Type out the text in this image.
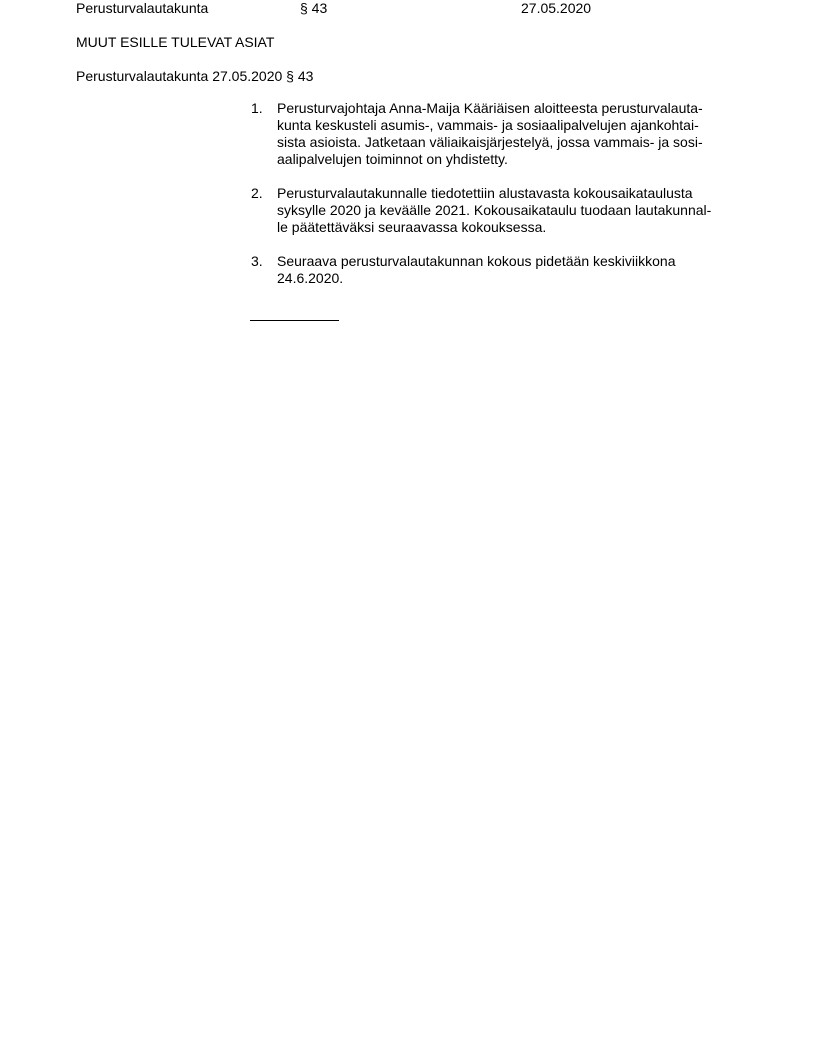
Perusturvalautakunta	§ 43	27.05.2020
MUUT ESILLE TULEVAT ASIAT
Perusturvalautakunta 27.05.2020 § 43
1. Perusturvajohtaja Anna-Maija Kääriäisen aloitteesta perusturvalauta-
kunta keskusteli asumis-, vammais- ja sosiaalipalvelujen ajankohtai-
sista asioista. Jatketaan väliaikaisjärjestelyä, jossa vammais- ja sosi-
aalipalvelujen toiminnot on yhdistetty.
2. Perusturvalautakunnalle tiedotettiin alustavasta kokousaikataulusta
syksylle 2020 ja keväälle 2021. Kokousaikataulu tuodaan lautakunnal-
le päätettäväksi seuraavassa kokouksessa.
3. Seuraava perusturvalautakunnan kokous pidetään keskiviikkona
24.6.2020.
